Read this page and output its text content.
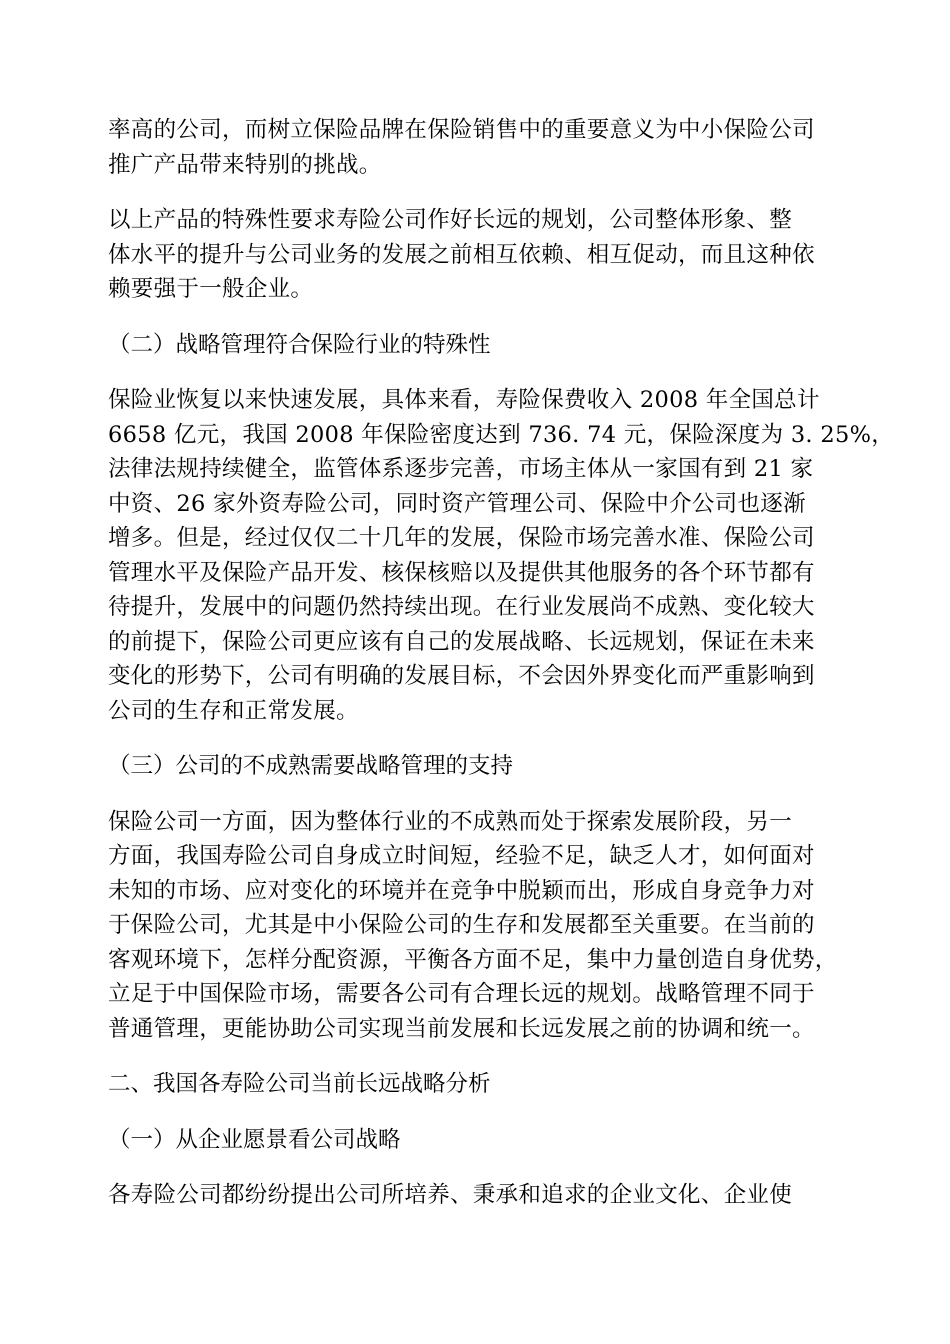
率高的公司，而树立保险品牌在保险销售中的重要意义为中小保险公司
推广产品带来特别的挑战。
以上产品的特殊性要求寿险公司作好长远的规划，公司整体形象、整
体水平的提升与公司业务的发展之前相互依赖、相互促动，而且这种依
赖要强于一般企业。
（二）战略管理符合保险行业的特殊性
保险业恢复以来快速发展，具体来看，寿险保费收入 2008 年全国总计
6658 亿元，我国 2008 年保险密度达到 736. 74 元，保险深度为 3. 25%，
法律法规持续健全，监管体系逐步完善，市场主体从一家国有到 21 家
中资、26 家外资寿险公司，同时资产管理公司、保险中介公司也逐渐
增多。但是，经过仅仅二十几年的发展，保险市场完善水准、保险公司
管理水平及保险产品开发、核保核赔以及提供其他服务的各个环节都有
待提升，发展中的问题仍然持续出现。在行业发展尚不成熟、变化较大
的前提下，保险公司更应该有自己的发展战略、长远规划，保证在未来
变化的形势下，公司有明确的发展目标，不会因外界变化而严重影响到
公司的生存和正常发展。
（三）公司的不成熟需要战略管理的支持
保险公司一方面，因为整体行业的不成熟而处于探索发展阶段，另一
方面，我国寿险公司自身成立时间短，经验不足，缺乏人才，如何面对
未知的市场、应对变化的环境并在竞争中脱颖而出，形成自身竞争力对
于保险公司，尤其是中小保险公司的生存和发展都至关重要。在当前的
客观环境下，怎样分配资源，平衡各方面不足，集中力量创造自身优势，
立足于中国保险市场，需要各公司有合理长远的规划。战略管理不同于
普通管理，更能协助公司实现当前发展和长远发展之前的协调和统一。
二、我国各寿险公司当前长远战略分析
（一）从企业愿景看公司战略
各寿险公司都纷纷提出公司所培养、秉承和追求的企业文化、企业使
